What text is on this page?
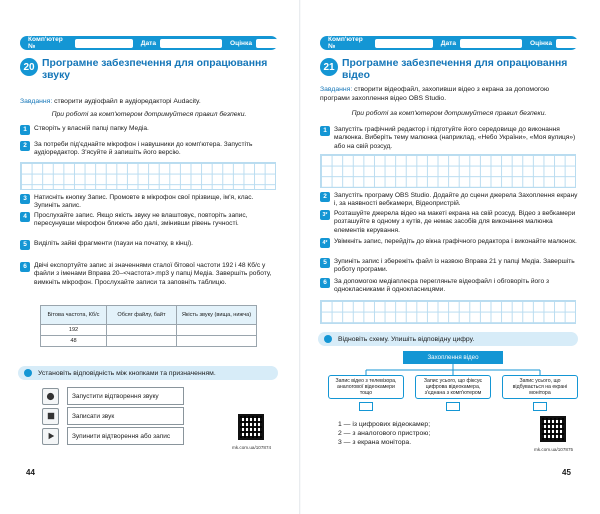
Комп'ютер №	Дата	Оцінка
20 Програмне забезпечення для опрацювання звуку
Завдання: створити аудіофайл в аудіоредакторі Audacity.
При роботі за комп'ютером дотримуйтеся правил безпеки.
1	Створіть у власній папці папку Медіа.
2	За потреби під'єднайте мікрофон і навушники до комп'ютера. Запустіть аудіоредактор. З'ясуйте й запишіть його версію.
3	Натисніть кнопку Запис. Промовте в мікрофон свої прізвище, ім'я, клас. Зупиніть запис.
4	Прослухайте запис. Якщо якість звуку не влаштовує, повторіть запис, пересунувши мікрофон ближче або далі, змінивши рівень гучності.
5	Виділіть зайві фрагменти (паузи на початку, в кінці).
6	Двічі експортуйте запис зі значеннями сталої бітової частоти 192 і 48 Кб/с у файли з іменами Вправа 20–<частота>.mp3 у папці Медіа. Завершіть роботу, вимкніть мікрофон. Прослухайте записи та заповніть таблицю.
Бітова частота, Кб/с	Обсяг файлу, байт	Якість звуку (вища, нижча)
192		
48		
Установіть відповідність між кнопками та призначенням.
Запустити відтворення звуку
Записати звук
Зупинити відтворення або запис
mk.com.ua/107874
44
Комп'ютер №	Дата	Оцінка
21 Програмне забезпечення для опрацювання відео
Завдання: створити відеофайл, захопивши відео з екрана за допомогою програми захоплення відео OBS Studio.
При роботі за комп'ютером дотримуйтеся правил безпеки.
1	Запустіть графічний редактор і підготуйте його середовище до виконання малюнка. Виберіть тему малюнка (наприклад, «Небо України», «Моя вулиця») або на свій розсуд.
2	Запустіть програму OBS Studio. Додайте до сцени джерела Захоплення екрану і, за наявності вебкамери, Відеопристрій.
3* Розташуйте джерела відео на макеті екрана на свій розсуд. Відео з вебкамери розташуйте в одному з кутів, де немає засобів для виконання малюнка елементів керування.
4* Увімкніть запис, перейдіть до вікна графічного редактора і виконайте малюнок.
5	Зупиніть запис і збережіть файл із назвою Вправа 21 у папці Медіа. Завершіть роботу програми.
6	За допомогою медіаплеєра перегляньте відеофайл і обговоріть його з однокласниками й однокласницями.
Відновіть схему. Упишіть відповідну цифру.
Захоплення відео
Запис відео з телевізора, аналогової відеокамери тощо
Запис усього, що фіксує цифрова відеокамера, з'єднана з комп'ютером
Запис усього, що відбувається на екрані монітора
1 — із цифрових відеокамер;
2 — з аналогового пристрою;
3 — з екрана монітора.
mk.com.ua/107875
45
